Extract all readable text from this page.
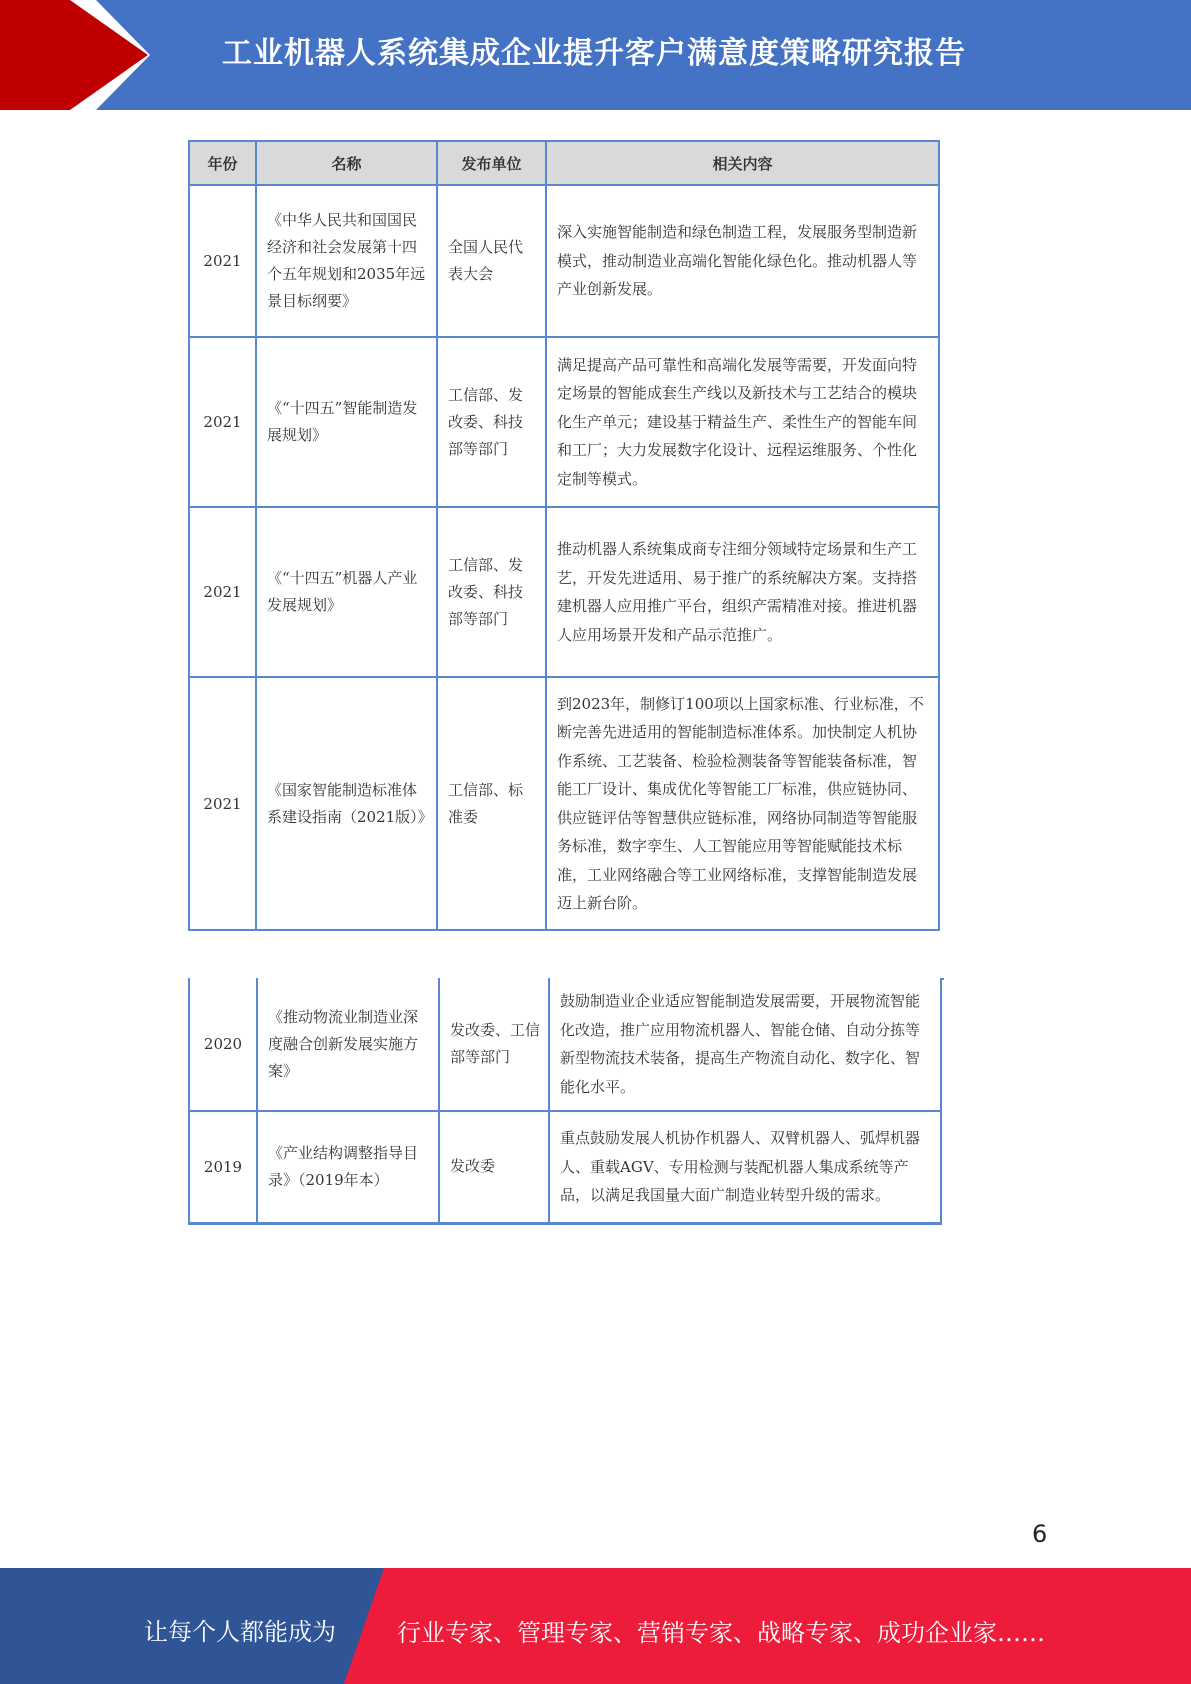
工业机器人系统集成企业提升客户满意度策略研究报告
年份	名称	发布单位	相关内容
2021	《中华人民共和国国民经济和社会发展第十四个五年规划和2035年远景目标纲要》	全国人民代表大会	深入实施智能制造和绿色制造工程，发展服务型制造新模式，推动制造业高端化智能化绿色化。推动机器人等产业创新发展。
2021	《“十四五”智能制造发展规划》	工信部、发改委、科技部等部门	满足提高产品可靠性和高端化发展等需要，开发面向特定场景的智能成套生产线以及新技术与工艺结合的模块化生产单元；建设基于精益生产、柔性生产的智能车间和工厂；大力发展数字化设计、远程运维服务、个性化定制等模式。
2021	《“十四五”机器人产业发展规划》	工信部、发改委、科技部等部门	推动机器人系统集成商专注细分领域特定场景和生产工艺，开发先进适用、易于推广的系统解决方案。支持搭建机器人应用推广平台，组织产需精准对接。推进机器人应用场景开发和产品示范推广。
2021	《国家智能制造标准体系建设指南（2021版）》	工信部、标准委	到2023年，制修订100项以上国家标准、行业标准，不断完善先进适用的智能制造标准体系。加快制定人机协作系统、工艺装备、检验检测装备等智能装备标准，智能工厂设计、集成优化等智能工厂标准，供应链协同、供应链评估等智慧供应链标准，网络协同制造等智能服务标准，数字孪生、人工智能应用等智能赋能技术标准，工业网络融合等工业网络标准，支撑智能制造发展迈上新台阶。
2020	《推动物流业制造业深度融合创新发展实施方案》	发改委、工信部等部门	鼓励制造业企业适应智能制造发展需要，开展物流智能化改造，推广应用物流机器人、智能仓储、自动分拣等新型物流技术装备，提高生产物流自动化、数字化、智能化水平。
2019	《产业结构调整指导目录》（2019年本）	发改委	重点鼓励发展人机协作机器人、双臂机器人、弧焊机器人、重载AGV、专用检测与装配机器人集成系统等产品，以满足我国量大面广制造业转型升级的需求。
6
让每个人都能成为	行业专家、管理专家、营销专家、战略专家、成功企业家……
